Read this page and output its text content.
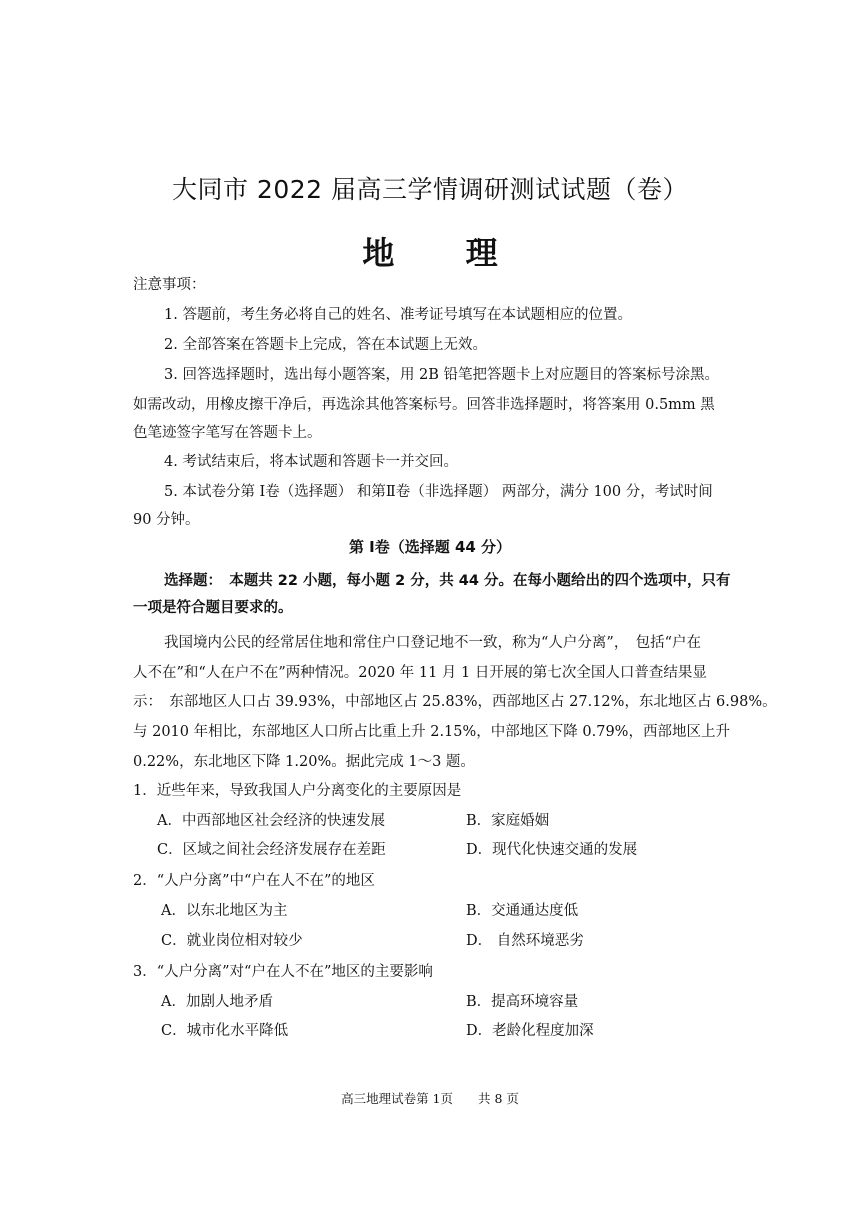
大同市 2022 届高三学情调研测试试题（卷）
地 理
注意事项：
1. 答题前，考生务必将自己的姓名、准考证号填写在本试题相应的位置。
2. 全部答案在答题卡上完成，答在本试题上无效。
3. 回答选择题时，选出每小题答案，用 2B 铅笔把答题卡上对应题目的答案标号涂黑。
如需改动，用橡皮擦干净后，再选涂其他答案标号。回答非选择题时，将答案用 0.5mm 黑
色笔迹签字笔写在答题卡上。
4. 考试结束后，将本试题和答题卡一并交回。
5. 本试卷分第 Ⅰ卷（选择题） 和第Ⅱ卷（非选择题） 两部分，满分 100 分，考试时间
90 分钟。
第 Ⅰ卷（选择题 44 分）
选择题：　本题共 22 小题，每小题 2 分，共 44 分。在每小题给出的四个选项中，只有
一项是符合题目要求的。
我国境内公民的经常居住地和常住户口登记地不一致，称为“人户分离”，　包括“户在
人不在”和“人在户不在”两种情况。2020 年 11 月 1 日开展的第七次全国人口普查结果显
示：　东部地区人口占 39.93%，中部地区占 25.83%，西部地区占 27.12%，东北地区占 6.98%。
与 2010 年相比，东部地区人口所占比重上升 2.15%，中部地区下降 0.79%，西部地区上升
0.22%，东北地区下降 1.20%。据此完成 1～3 题。
1．近些年来，导致我国人户分离变化的主要原因是
A．中西部地区社会经济的快速发展	B．家庭婚姻
C．区域之间社会经济发展存在差距	D．现代化快速交通的发展
2．“人户分离”中“户在人不在”的地区
A．以东北地区为主	B．交通通达度低
C．就业岗位相对较少	D． 自然环境恶劣
3．“人户分离”对“户在人不在”地区的主要影响
A．加剧人地矛盾	B．提高环境容量
C．城市化水平降低	D．老龄化程度加深
高三地理试卷第 1页　　共 8 页
